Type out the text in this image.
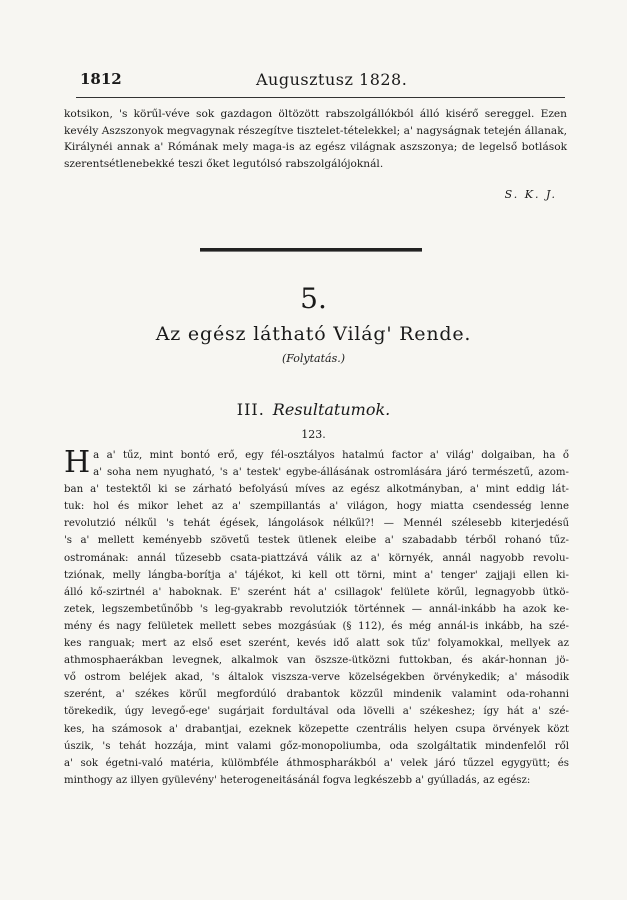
1812	Augusztusz 1828.

kotsikon, 's körűl-véve sok gazdagon öltözött rabszolgállókból álló kisérő sereggel. Ezen kevély Aszszonyok megvagynak részegítve tisztelet-tételekkel; a' nagyságnak tetején állanak, Királynéi annak a' Rómának mely maga-is az egész világnak aszszonya; de legelső botlások szerentsétlenebekké teszi őket legutólsó rabszolgálójoknál.

S. K. J.
5.
Az egész látható Világ' Rende.
(Folytatás.)
III. Resultatumok.
123.
Ha a' tűz, mint bontó erő, egy fél-osztályos hatalmú factor a' világ' dolgaiban, ha ő
a' soha nem nyugható, 's a' testek' egybe-állásának ostromlására járó természetű, azom-
ban a' testektől ki se zárható befolyású míves az egész alkotmányban, a' mint eddig lát-
tuk: hol és mikor lehet az a' szempillantás a' világon, hogy miatta csendesség lenne
revolutzió nélkűl 's tehát égések, lángolások nélkűl?! — Mennél szélesebb kiterjedésű
's a' mellett keményebb szövetű testek ütlenek eleibe a' szabadabb térből rohanó tűz-
ostromának: annál tűzesebb csata-piattzává válik az a' környék, annál nagyobb revolu-
tziónak, melly lángba-borítja a' tájékot, ki kell ott törni, mint a' tenger' zajjaji ellen ki-
álló kő-szirtnél a' haboknak. E' szerént hát a' csillagok' felülete körűl, legnagyobb ütkö-
zetek, legszembetűnőbb 's leg-gyakrabb revolutziók történnek — annál-inkább ha azok ke-
mény és nagy felületek mellett sebes mozgásúak (§ 112), és még annál-is inkább, ha szé-
kes ranguak; mert az első eset szerént, kevés idő alatt sok tűz' folyamokkal, mellyek az
athmosphaerákban levegnek, alkalmok van öszsze-ütközni futtokban, és akár-honnan jö-
vő ostrom beléjek akad, 's általok viszsza-verve közelségekben örvénykedik; a' második
szerént, a' székes körűl megfordúló drabantok közzűl mindenik valamint oda-rohanni
törekedik, úgy levegő-ege' sugárjait fordultával oda lövelli a' székeshez; így hát a' szé-
kes, ha számosok a' drabantjai, ezeknek közepette czentrális helyen csupa örvények közt
úszik, 's tehát hozzája, mint valami gőz-monopoliumba, oda szolgáltatik mindenfelől ről
a' sok égetni-való matéria, külömbféle áthmospharákból a' velek járó tűzzel egygyütt; és
minthogy az illyen gyülevény' heterogeneitásánál fogva legkészebb a' gyúlladás, az egész:
